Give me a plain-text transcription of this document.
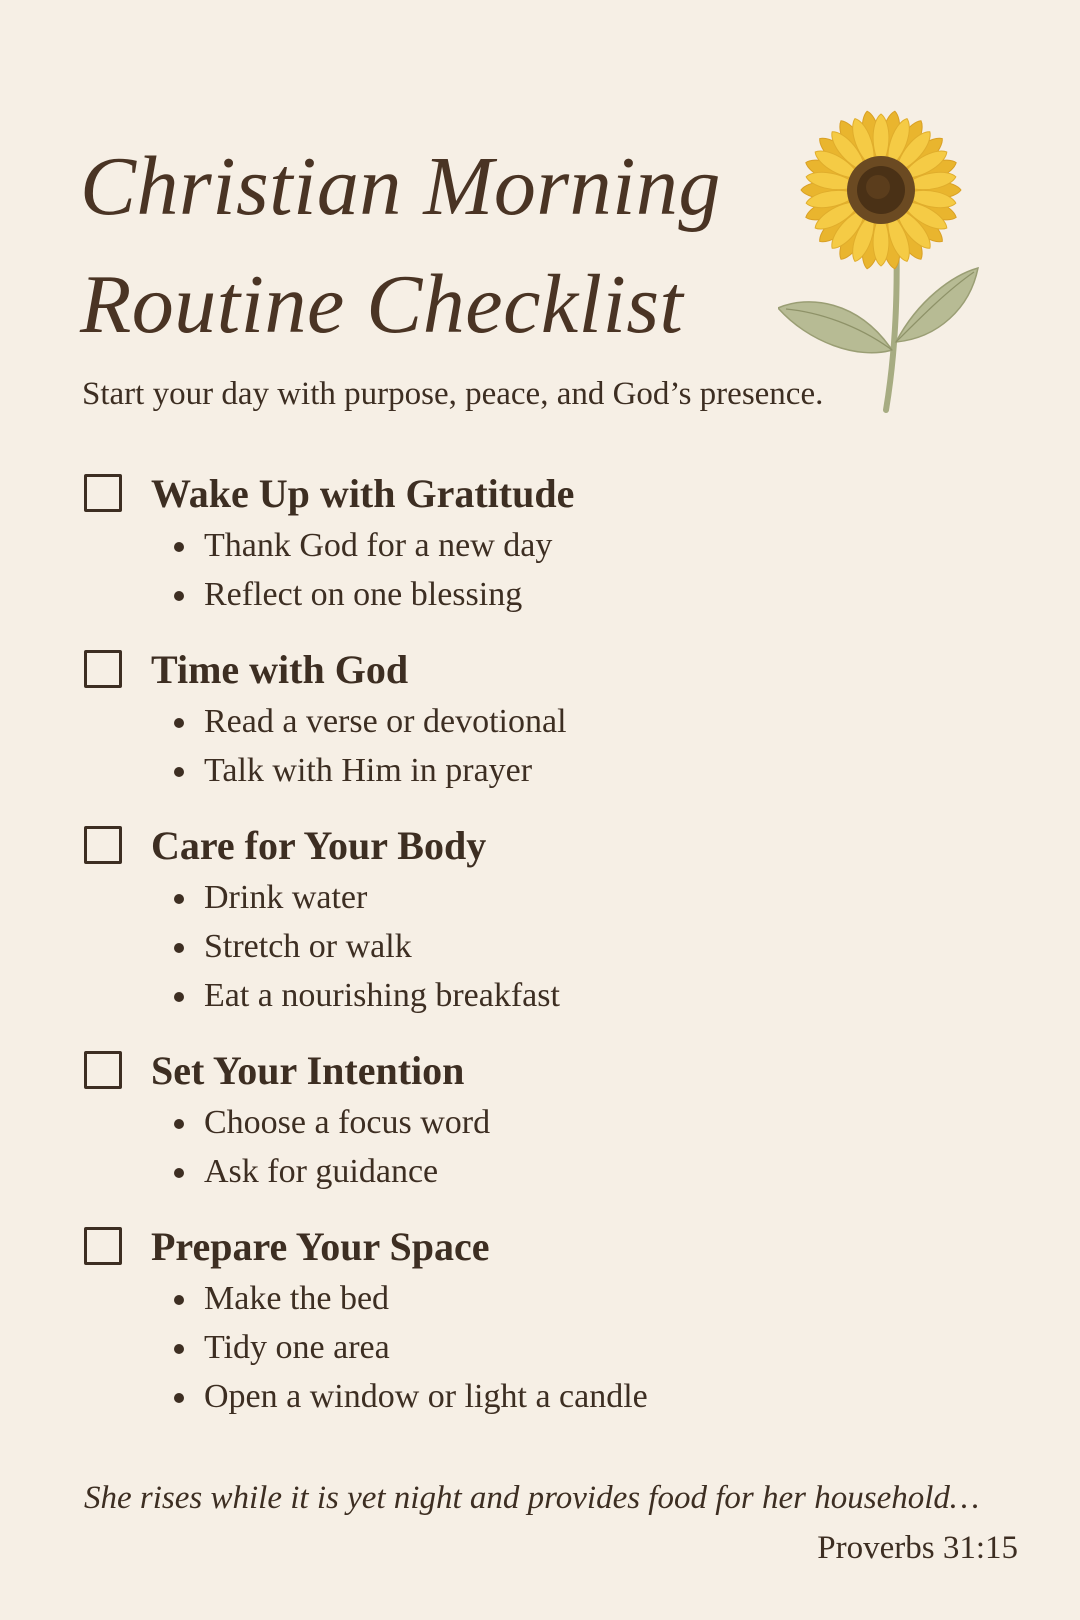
Christian Morning
Routine Checklist
Start your day with purpose, peace, and God’s presence.
Wake Up with Gratitude
Thank God for a new day
Reflect on one blessing
Time with God
Read a verse or devotional
Talk with Him in prayer
Care for Your Body
Drink water
Stretch or walk
Eat a nourishing breakfast
Set Your Intention
Choose a focus word
Ask for guidance
Prepare Your Space
Make the bed
Tidy one area
Open a window or light a candle
She rises while it is yet night and provides food for her household…
Proverbs 31:15
